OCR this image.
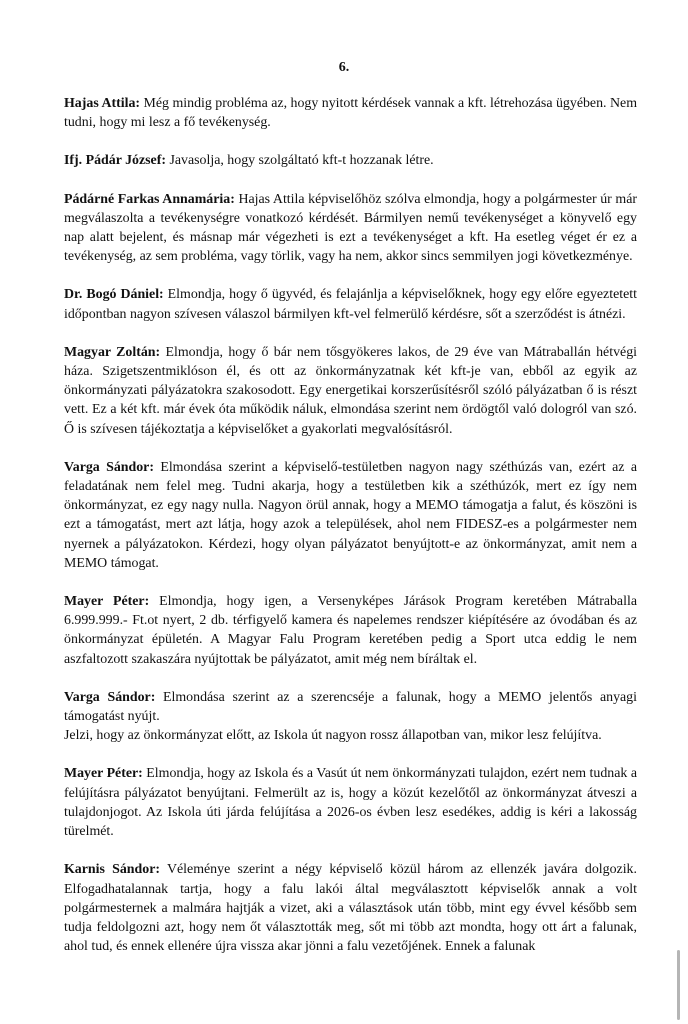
6.

Hajas Attila: Még mindig probléma az, hogy nyitott kérdések vannak a kft. létrehozása ügyében. Nem tudni, hogy mi lesz a fő tevékenység.

Ifj. Pádár József: Javasolja, hogy szolgáltató kft-t hozzanak létre.

Pádárné Farkas Annamária: Hajas Attila képviselőhöz szólva elmondja, hogy a polgármester úr már megválaszolta a tevékenységre vonatkozó kérdését. Bármilyen nemű tevékenységet a könyvelő egy nap alatt bejelent, és másnap már végezheti is ezt a tevékenységet a kft. Ha esetleg véget ér ez a tevékenység, az sem probléma, vagy törlik, vagy ha nem, akkor sincs semmilyen jogi következménye.

Dr. Bogó Dániel: Elmondja, hogy ő ügyvéd, és felajánlja a képviselőknek, hogy egy előre egyeztetett időpontban nagyon szívesen válaszol bármilyen kft-vel felmerülő kérdésre, sőt a szerződést is átnézi.

Magyar Zoltán: Elmondja, hogy ő bár nem tősgyökeres lakos, de 29 éve van Mátraballán hétvégi háza. Szigetszentmiklóson él, és ott az önkormányzatnak két kft-je van, ebből az egyik az önkormányzati pályázatokra szakosodott. Egy energetikai korszerűsítésről szóló pályázatban ő is részt vett. Ez a két kft. már évek óta működik náluk, elmondása szerint nem ördögtől való dologról van szó. Ő is szívesen tájékoztatja a képviselőket a gyakorlati megvalósításról.

Varga Sándor: Elmondása szerint a képviselő-testületben nagyon nagy széthúzás van, ezért az a feladatának nem felel meg. Tudni akarja, hogy a testületben kik a széthúzók, mert ez így nem önkormányzat, ez egy nagy nulla. Nagyon örül annak, hogy a MEMO támogatja a falut, és köszöni is ezt a támogatást, mert azt látja, hogy azok a települések, ahol nem FIDESZ-es a polgármester nem nyernek a pályázatokon. Kérdezi, hogy olyan pályázatot benyújtott-e az önkormányzat, amit nem a MEMO támogat.

Mayer Péter: Elmondja, hogy igen, a Versenyképes Járások Program keretében Mátraballa 6.999.999.- Ft.ot nyert, 2 db. térfigyelő kamera és napelemes rendszer kiépítésére az óvodában és az önkormányzat épületén. A Magyar Falu Program keretében pedig a Sport utca eddig le nem aszfaltozott szakaszára nyújtottak be pályázatot, amit még nem bíráltak el.

Varga Sándor: Elmondása szerint az a szerencséje a falunak, hogy a MEMO jelentős anyagi támogatást nyújt.
Jelzi, hogy az önkormányzat előtt, az Iskola út nagyon rossz állapotban van, mikor lesz felújítva.

Mayer Péter: Elmondja, hogy az Iskola és a Vasút út nem önkormányzati tulajdon, ezért nem tudnak a felújításra pályázatot benyújtani. Felmerült az is, hogy a közút kezelőtől az önkormányzat átveszi a tulajdonjogot. Az Iskola úti járda felújítása a 2026-os évben lesz esedékes, addig is kéri a lakosság türelmét.

Karnis Sándor: Véleménye szerint a négy képviselő közül három az ellenzék javára dolgozik. Elfogadhatalannak tartja, hogy a falu lakói által megválasztott képviselők annak a volt polgármesternek a malmára hajtják a vizet, aki a választások után több, mint egy évvel később sem tudja feldolgozni azt, hogy nem őt választották meg, sőt mi több azt mondta, hogy ott árt a falunak, ahol tud, és ennek ellenére újra vissza akar jönni a falu vezetőjének. Ennek a falunak
